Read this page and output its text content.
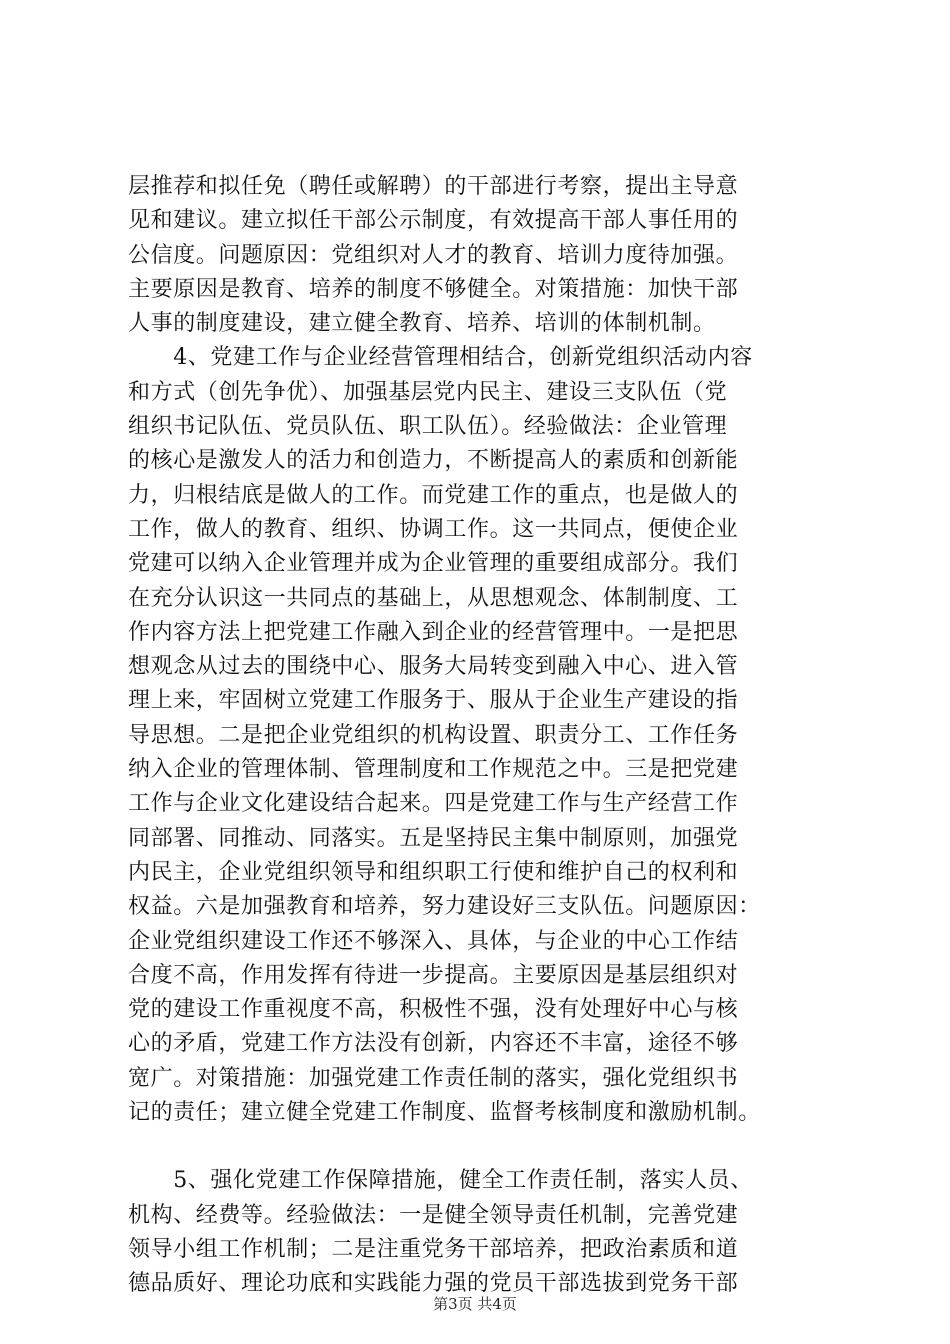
层推荐和拟任免（聘任或解聘）的干部进行考察，提出主导意
见和建议。建立拟任干部公示制度，有效提高干部人事任用的
公信度。问题原因：党组织对人才的教育、培训力度待加强。
主要原因是教育、培养的制度不够健全。对策措施：加快干部
人事的制度建设，建立健全教育、培养、培训的体制机制。
　　4、党建工作与企业经营管理相结合，创新党组织活动内容
和方式（创先争优）、加强基层党内民主、建设三支队伍（党
组织书记队伍、党员队伍、职工队伍）。经验做法：企业管理
的核心是激发人的活力和创造力，不断提高人的素质和创新能
力，归根结底是做人的工作。而党建工作的重点，也是做人的
工作，做人的教育、组织、协调工作。这一共同点，便使企业
党建可以纳入企业管理并成为企业管理的重要组成部分。我们
在充分认识这一共同点的基础上，从思想观念、体制制度、工
作内容方法上把党建工作融入到企业的经营管理中。一是把思
想观念从过去的围绕中心、服务大局转变到融入中心、进入管
理上来，牢固树立党建工作服务于、服从于企业生产建设的指
导思想。二是把企业党组织的机构设置、职责分工、工作任务
纳入企业的管理体制、管理制度和工作规范之中。三是把党建
工作与企业文化建设结合起来。四是党建工作与生产经营工作
同部署、同推动、同落实。五是坚持民主集中制原则，加强党
内民主，企业党组织领导和组织职工行使和维护自己的权利和
权益。六是加强教育和培养，努力建设好三支队伍。问题原因：
企业党组织建设工作还不够深入、具体，与企业的中心工作结
合度不高，作用发挥有待进一步提高。主要原因是基层组织对
党的建设工作重视度不高，积极性不强，没有处理好中心与核
心的矛盾，党建工作方法没有创新，内容还不丰富，途径不够
宽广。对策措施：加强党建工作责任制的落实，强化党组织书
记的责任；建立健全党建工作制度、监督考核制度和激励机制。
　　5、强化党建工作保障措施，健全工作责任制，落实人员、
机构、经费等。经验做法：一是健全领导责任机制，完善党建
领导小组工作机制；二是注重党务干部培养，把政治素质和道
德品质好、理论功底和实践能力强的党员干部选拔到党务干部
第3页 共4页
